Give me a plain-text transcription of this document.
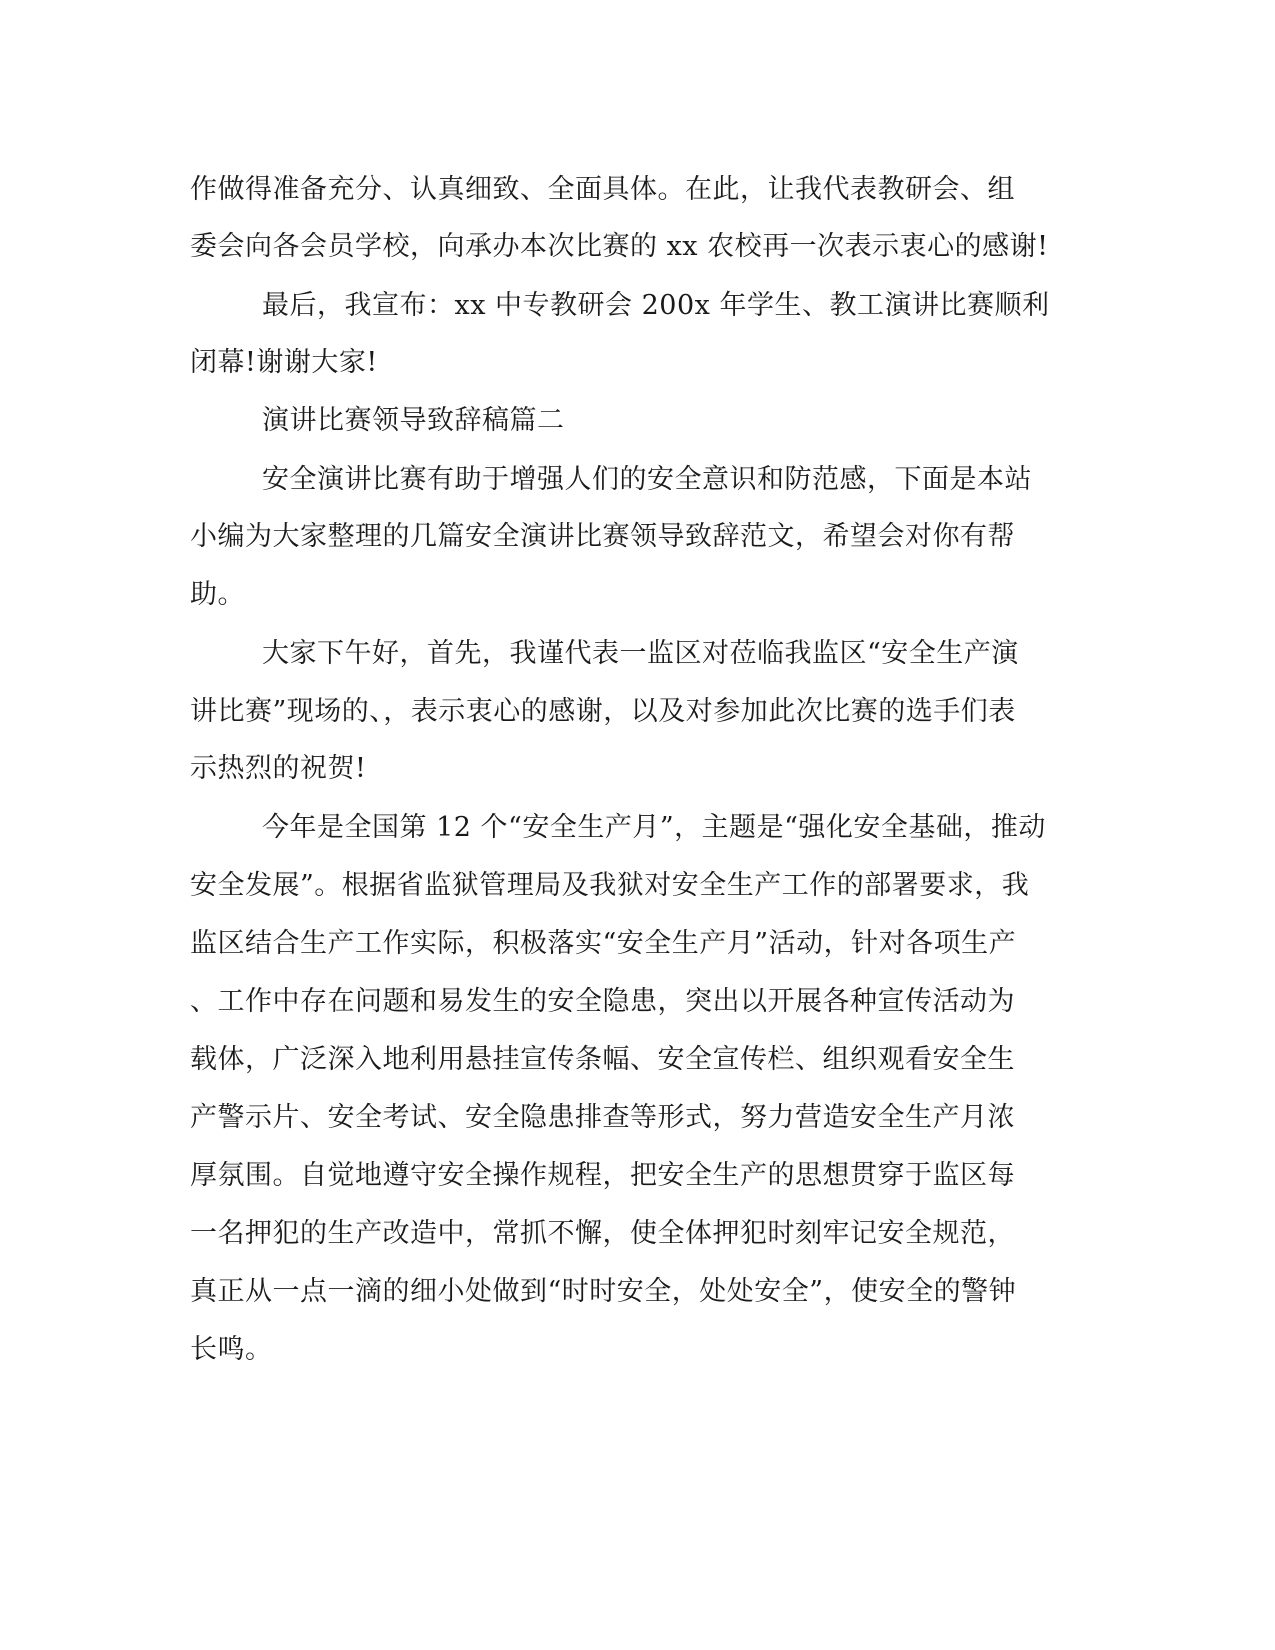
作做得准备充分、认真细致、全面具体。在此，让我代表教研会、组
委会向各会员学校，向承办本次比赛的 xx 农校再一次表示衷心的感谢!
最后，我宣布：xx 中专教研会 200x 年学生、教工演讲比赛顺利
闭幕!谢谢大家!
演讲比赛领导致辞稿篇二
安全演讲比赛有助于增强人们的安全意识和防范感，下面是本站
小编为大家整理的几篇安全演讲比赛领导致辞范文，希望会对你有帮
助。
大家下午好，首先，我谨代表一监区对莅临我监区“安全生产演
讲比赛”现场的、，表示衷心的感谢，以及对参加此次比赛的选手们表
示热烈的祝贺!
今年是全国第 12 个“安全生产月”，主题是“强化安全基础，推动
安全发展”。根据省监狱管理局及我狱对安全生产工作的部署要求，我
监区结合生产工作实际，积极落实“安全生产月”活动，针对各项生产
、工作中存在问题和易发生的安全隐患，突出以开展各种宣传活动为
载体，广泛深入地利用悬挂宣传条幅、安全宣传栏、组织观看安全生
产警示片、安全考试、安全隐患排查等形式，努力营造安全生产月浓
厚氛围。自觉地遵守安全操作规程，把安全生产的思想贯穿于监区每
一名押犯的生产改造中，常抓不懈，使全体押犯时刻牢记安全规范，
真正从一点一滴的细小处做到“时时安全，处处安全”，使安全的警钟
长鸣。
